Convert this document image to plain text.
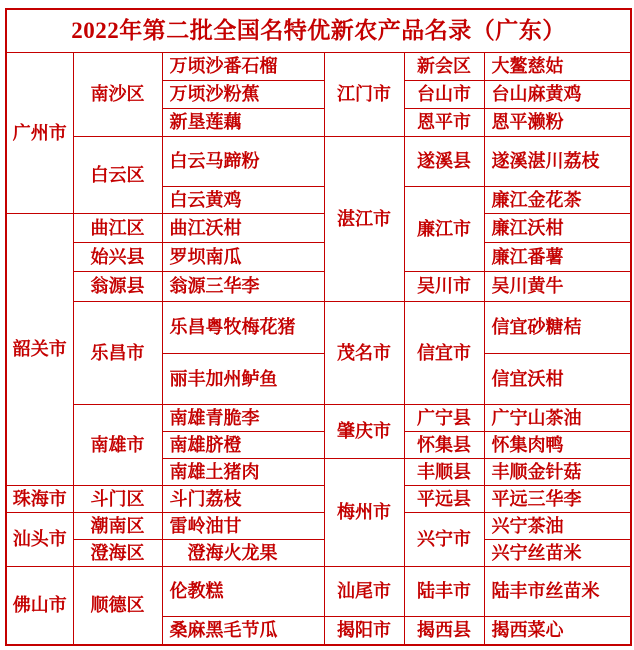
2022年第二批全国名特优新农产品名录（广东）					
广州市	南沙区	万顷沙番石榴	江门市	新会区	大鳌慈姑
		万顷沙粉蕉		台山市	台山麻黄鸡
		新垦莲藕		恩平市	恩平濑粉
	白云区	白云马蹄粉	湛江市	遂溪县	遂溪湛川荔枝
		白云黄鸡		廉江市	廉江金花茶
韶关市	曲江区	曲江沃柑			廉江沃柑
	始兴县	罗坝南瓜			廉江番薯
	翁源县	翁源三华李		吴川市	吴川黄牛
	乐昌市	乐昌粤牧梅花猪	茂名市	信宜市	信宜砂糖桔
		丽丰加州鲈鱼			信宜沃柑
	南雄市	南雄青脆李	肇庆市	广宁县	广宁山茶油
		南雄脐橙		怀集县	怀集肉鸭
		南雄土猪肉	梅州市	丰顺县	丰顺金针菇
珠海市	斗门区	斗门荔枝		平远县	平远三华李
汕头市	潮南区	雷岭油甘		兴宁市	兴宁茶油
	澄海区	　澄海火龙果			兴宁丝苗米
佛山市	顺德区	伦教糕	汕尾市	陆丰市	陆丰市丝苗米
		桑麻黑毛节瓜	揭阳市	揭西县	揭西菜心
